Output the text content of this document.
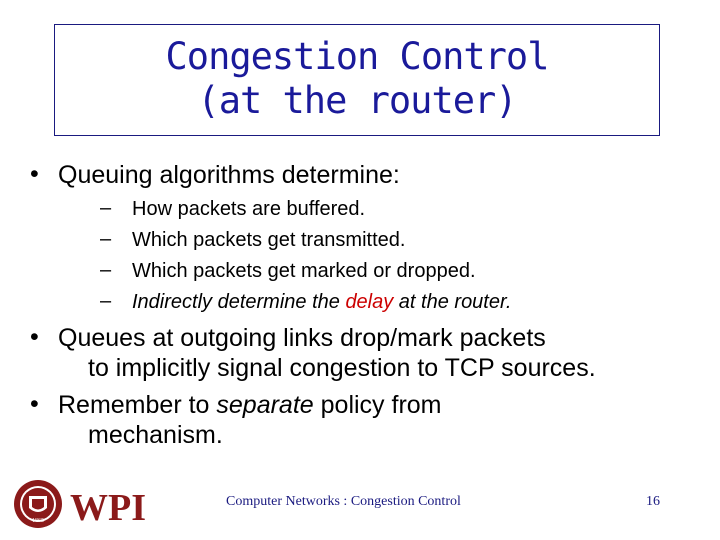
Congestion Control
(at the router)
• Queuing algorithms determine:
– How packets are buffered.
– Which packets get transmitted.
– Which packets get marked or dropped.
– Indirectly determine the delay at the router.
• Queues at outgoing links drop/mark packets
to implicitly signal congestion to TCP sources.
• Remember to separate policy from
mechanism.
1865 WPI	Computer Networks : Congestion Control	16
